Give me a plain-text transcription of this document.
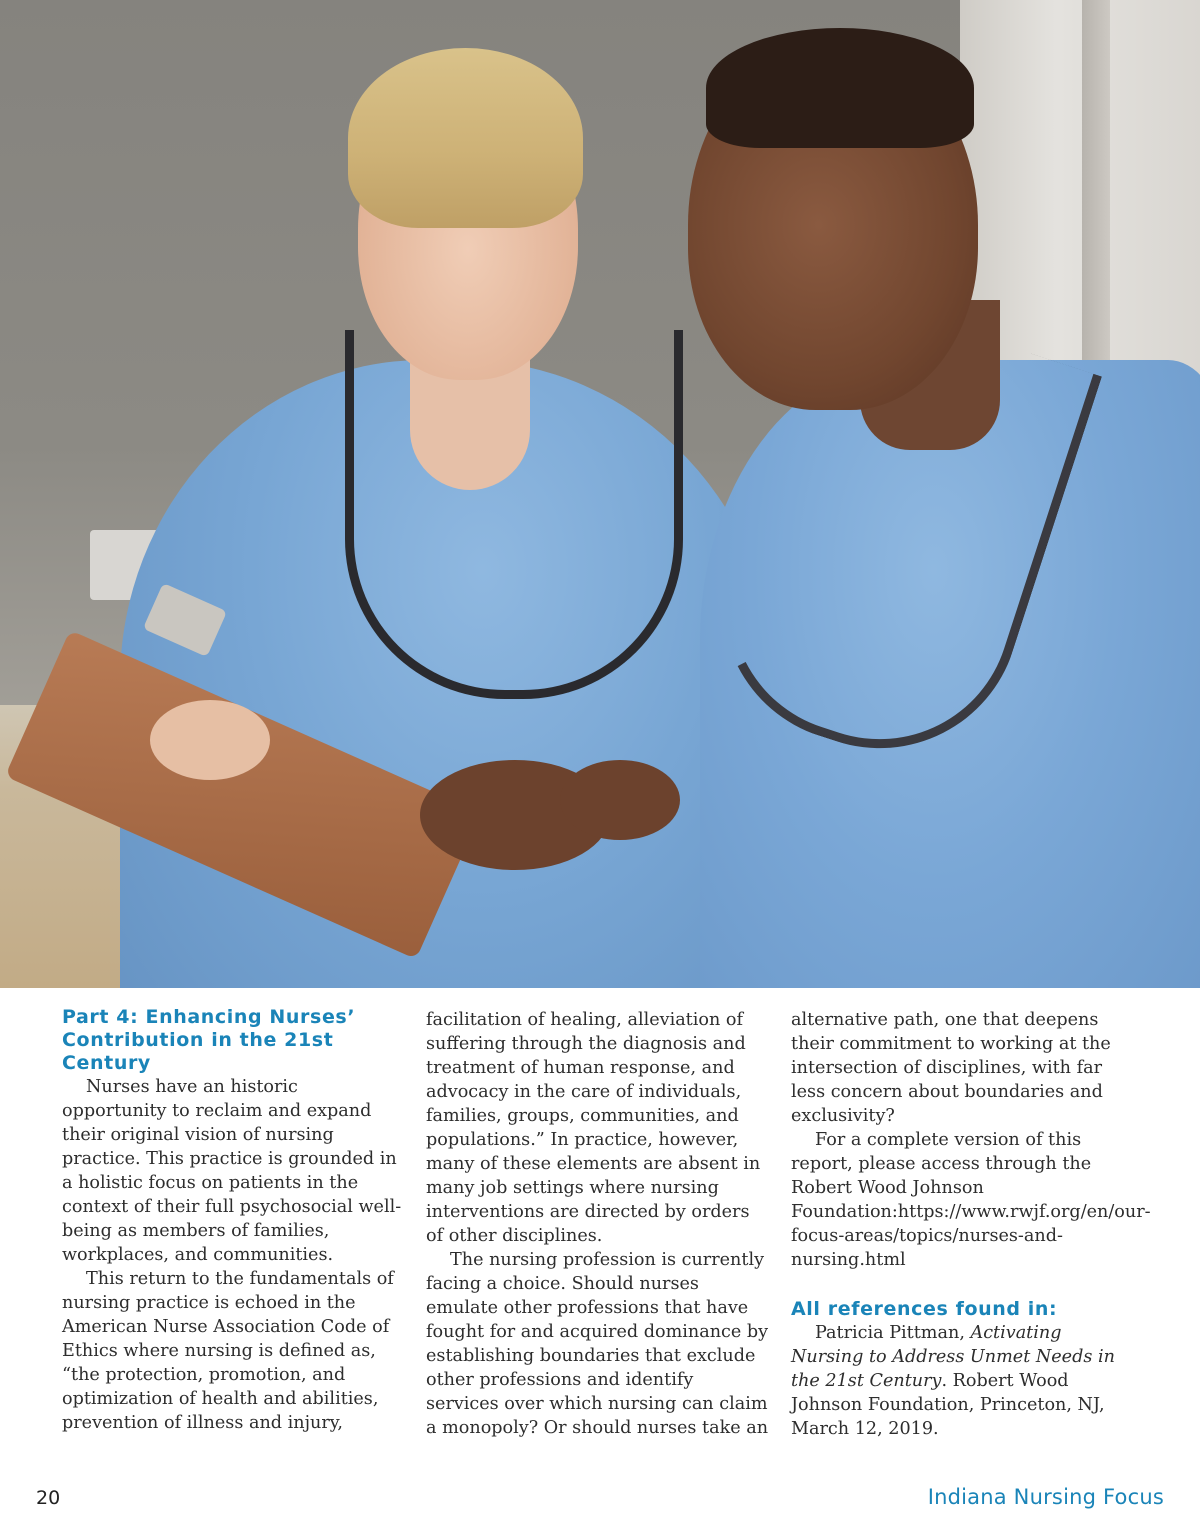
Part 4: Enhancing Nurses’ Contribution in the 21st Century

Nurses have an historic opportunity to reclaim and expand their original vision of nursing practice. This practice is grounded in a holistic focus on patients in the context of their full psychosocial well-being as members of families, workplaces, and communities.

This return to the fundamentals of nursing practice is echoed in the American Nurse Association Code of Ethics where nursing is defined as, “the protection, promotion, and optimization of health and abilities, prevention of illness and injury,

facilitation of healing, alleviation of suffering through the diagnosis and treatment of human response, and advocacy in the care of individuals, families, groups, communities, and populations.” In practice, however, many of these elements are absent in many job settings where nursing interventions are directed by orders of other disciplines.

The nursing profession is currently facing a choice. Should nurses emulate other professions that have fought for and acquired dominance by establishing boundaries that exclude other professions and identify services over which nursing can claim a monopoly? Or should nurses take an

alternative path, one that deepens their commitment to working at the intersection of disciplines, with far less concern about boundaries and exclusivity?

For a complete version of this report, please access through the Robert Wood Johnson Foundation:https://www.rwjf.org/en/our-focus-areas/topics/nurses-and-nursing.html

All references found in:

Patricia Pittman, Activating Nursing to Address Unmet Needs in the 21st Century. Robert Wood Johnson Foundation, Princeton, NJ, March 12, 2019.

20	Indiana Nursing Focus
